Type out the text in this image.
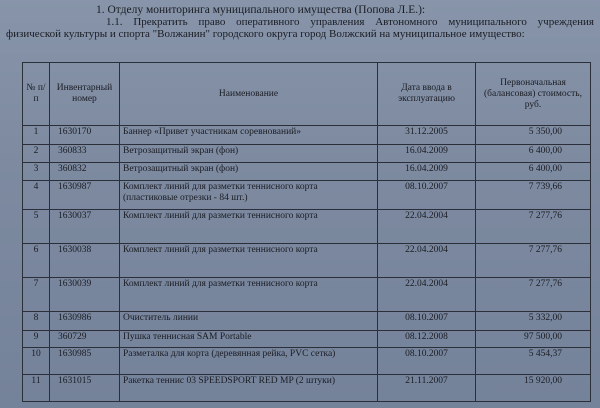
1. Отделу мониторинга муниципального имущества (Попова Л.Е.):
1.1. Прекратить право оперативного управления Автономного муниципального учреждения физической культуры и спорта "Волжанин" городского округа город Волжский на муниципальное имущество:
№ п/п	Инвентарный номер	Наименование	Дата ввода в эксплуатацию	Первоначальная (балансовая) стоимость, руб.
1	1630170	Баннер «Привет участникам соревнований»	31.12.2005	5 350,00
2	360833	Ветрозащитный экран (фон)	16.04.2009	6 400,00
3	360832	Ветрозащитный экран (фон)	16.04.2009	6 400,00
4	1630987	Комплект линий для разметки теннисного корта (пластиковые отрезки - 84 шт.)	08.10.2007	7 739,66
5	1630037	Комплект линий для разметки теннисного корта	22.04.2004	7 277,76
6	1630038	Комплект линий для разметки теннисного корта	22.04.2004	7 277,76
7	1630039	Комплект линий для разметки теннисного корта	22.04.2004	7 277,76
8	1630986	Очиститель линии	08.10.2007	5 332,00
9	360729	Пушка теннисная SAM Portable	08.12.2008	97 500,00
10	1630985	Разметалка для корта (деревянная рейка, PVC сетка)	08.10.2007	5 454,37
11	1631015	Ракетка теннис 03 SPEEDSPORT RED MP (2 штуки)	21.11.2007	15 920,00
